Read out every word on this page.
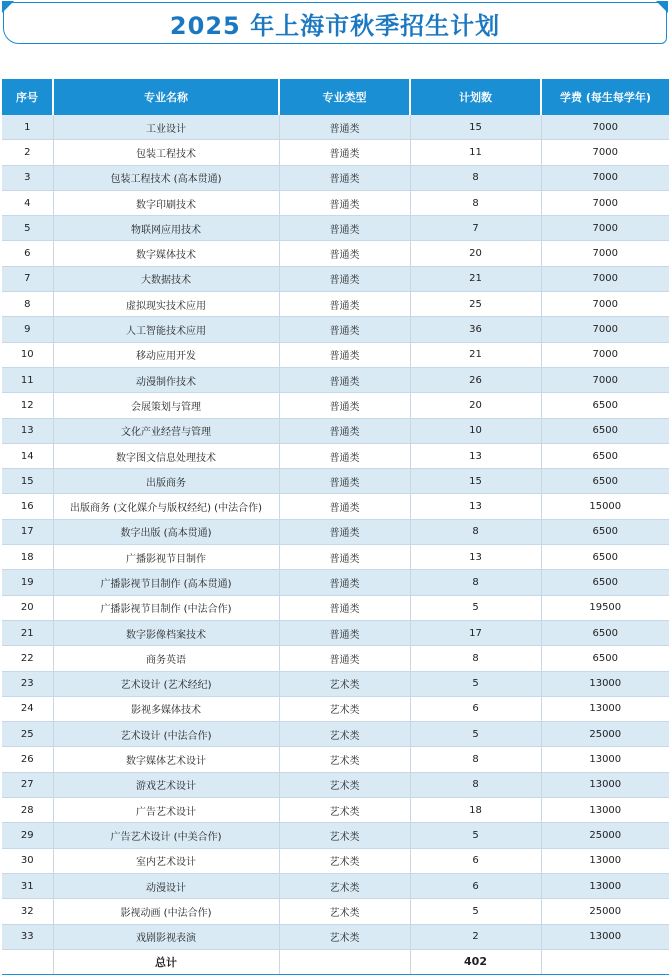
2025 年上海市秋季招生计划
序号	专业名称	专业类型	计划数	学费 (每生每学年)
1	工业设计	普通类	15	7000
2	包装工程技术	普通类	11	7000
3	包装工程技术 (高本贯通)	普通类	8	7000
4	数字印刷技术	普通类	8	7000
5	物联网应用技术	普通类	7	7000
6	数字媒体技术	普通类	20	7000
7	大数据技术	普通类	21	7000
8	虚拟现实技术应用	普通类	25	7000
9	人工智能技术应用	普通类	36	7000
10	移动应用开发	普通类	21	7000
11	动漫制作技术	普通类	26	7000
12	会展策划与管理	普通类	20	6500
13	文化产业经营与管理	普通类	10	6500
14	数字图文信息处理技术	普通类	13	6500
15	出版商务	普通类	15	6500
16	出版商务 (文化媒介与版权经纪) (中法合作)	普通类	13	15000
17	数字出版 (高本贯通)	普通类	8	6500
18	广播影视节目制作	普通类	13	6500
19	广播影视节目制作 (高本贯通)	普通类	8	6500
20	广播影视节目制作 (中法合作)	普通类	5	19500
21	数字影像档案技术	普通类	17	6500
22	商务英语	普通类	8	6500
23	艺术设计 (艺术经纪)	艺术类	5	13000
24	影视多媒体技术	艺术类	6	13000
25	艺术设计 (中法合作)	艺术类	5	25000
26	数字媒体艺术设计	艺术类	8	13000
27	游戏艺术设计	艺术类	8	13000
28	广告艺术设计	艺术类	18	13000
29	广告艺术设计 (中美合作)	艺术类	5	25000
30	室内艺术设计	艺术类	6	13000
31	动漫设计	艺术类	6	13000
32	影视动画 (中法合作)	艺术类	5	25000
33	戏剧影视表演	艺术类	2	13000
	总计		402	
